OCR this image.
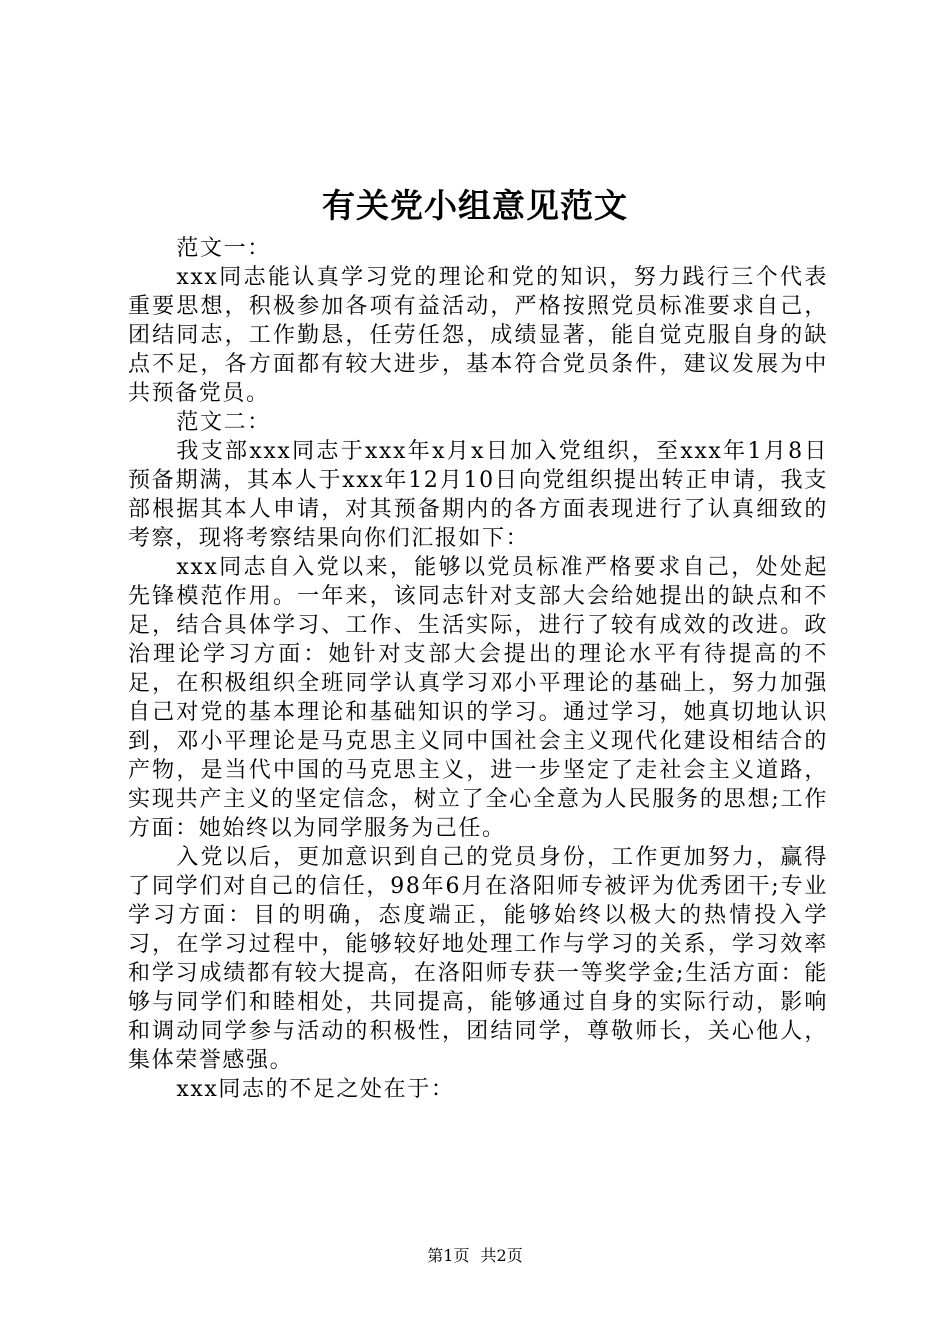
有关党小组意见范文

范文一：

xxx同志能认真学习党的理论和党的知识，努力践行三个代表重要思想，积极参加各项有益活动，严格按照党员标准要求自己，团结同志，工作勤恳，任劳任怨，成绩显著，能自觉克服自身的缺点不足，各方面都有较大进步，基本符合党员条件，建议发展为中共预备党员。

范文二：

我支部xxx同志于xxx年x月x日加入党组织，至xxx年1月8日预备期满，其本人于xxx年12月10日向党组织提出转正申请，我支部根据其本人申请，对其预备期内的各方面表现进行了认真细致的考察，现将考察结果向你们汇报如下：

xxx同志自入党以来，能够以党员标准严格要求自己，处处起先锋模范作用。一年来，该同志针对支部大会给她提出的缺点和不足，结合具体学习、工作、生活实际，进行了较有成效的改进。政治理论学习方面：她针对支部大会提出的理论水平有待提高的不足，在积极组织全班同学认真学习邓小平理论的基础上，努力加强自己对党的基本理论和基础知识的学习。通过学习，她真切地认识到，邓小平理论是马克思主义同中国社会主义现代化建设相结合的产物，是当代中国的马克思主义，进一步坚定了走社会主义道路，实现共产主义的坚定信念，树立了全心全意为人民服务的思想;工作方面：她始终以为同学服务为己任。

入党以后，更加意识到自己的党员身份，工作更加努力，赢得了同学们对自己的信任，98年6月在洛阳师专被评为优秀团干;专业学习方面：目的明确，态度端正，能够始终以极大的热情投入学习，在学习过程中，能够较好地处理工作与学习的关系，学习效率和学习成绩都有较大提高，在洛阳师专获一等奖学金;生活方面：能够与同学们和睦相处，共同提高，能够通过自身的实际行动，影响和调动同学参与活动的积极性，团结同学，尊敬师长，关心他人，集体荣誉感强。

xxx同志的不足之处在于：

第1页 共2页
